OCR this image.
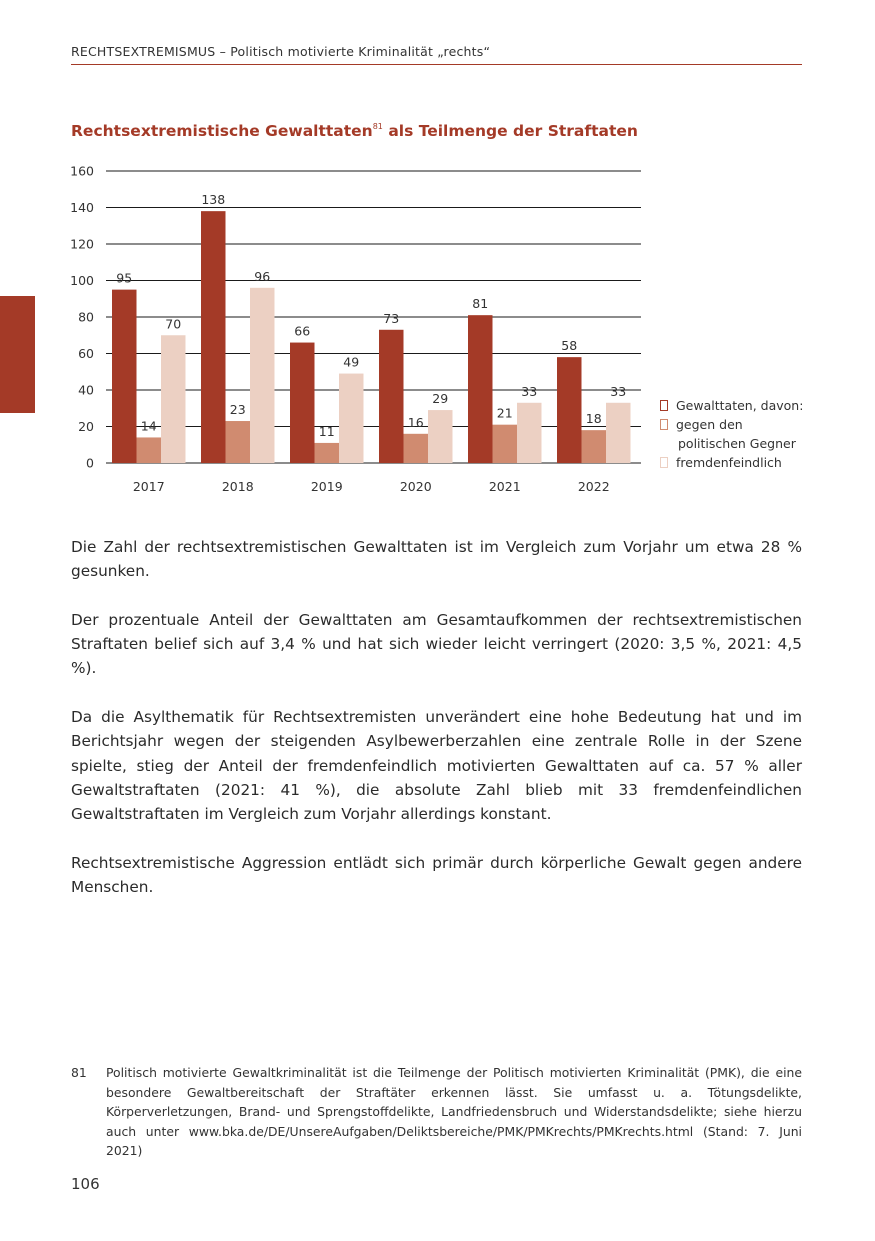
RECHTSEXTREMISMUS – Politisch motivierte Kriminalität „rechts“
Rechtsextremistische Gewalttaten$^{81}$ als Teilmenge der Straftaten
0
20
40
60
80
100
120
140
160
95
14
70
2017
138
23
96
2018
66
11
49
2019
73
16
29
2020
81
21
33
2021
58
18
33
2022
Gewalttaten, davon:
gegen den
politischen Gegner
fremdenfeindlich

Die Zahl der rechtsextremistischen Gewalttaten ist im Vergleich zum Vorjahr um etwa 28 % gesunken.

Der prozentuale Anteil der Gewalttaten am Gesamtaufkommen der rechtsextremistischen Straftaten belief sich auf 3,4 % und hat sich wieder leicht verringert (2020: 3,5 %, 2021: 4,5 %).

Da die Asylthematik für Rechtsextremisten unverändert eine hohe Bedeutung hat und im Berichtsjahr wegen der steigenden Asylbewerberzahlen eine zentrale Rolle in der Szene spielte, stieg der Anteil der fremdenfeindlich motivierten Gewalttaten auf ca. 57 % aller Gewaltstraftaten (2021: 41 %), die absolute Zahl blieb mit 33 fremdenfeindlichen Gewaltstraftaten im Vergleich zum Vorjahr allerdings konstant.

Rechtsextremistische Aggression entlädt sich primär durch körperliche Gewalt gegen andere Menschen.

81	Politisch motivierte Gewaltkriminalität ist die Teilmenge der Politisch motivierten Kriminalität (PMK), die eine besondere Gewaltbereitschaft der Straftäter erkennen lässt. Sie umfasst u. a. Tötungsdelikte, Körperverletzungen, Brand- und Sprengstoffdelikte, Landfriedensbruch und Widerstandsdelikte; siehe hierzu auch unter www.bka.de/DE/UnsereAufgaben/Deliktsbereiche/PMK/PMKrechts/PMKrechts.html (Stand: 7. Juni 2021)
106
